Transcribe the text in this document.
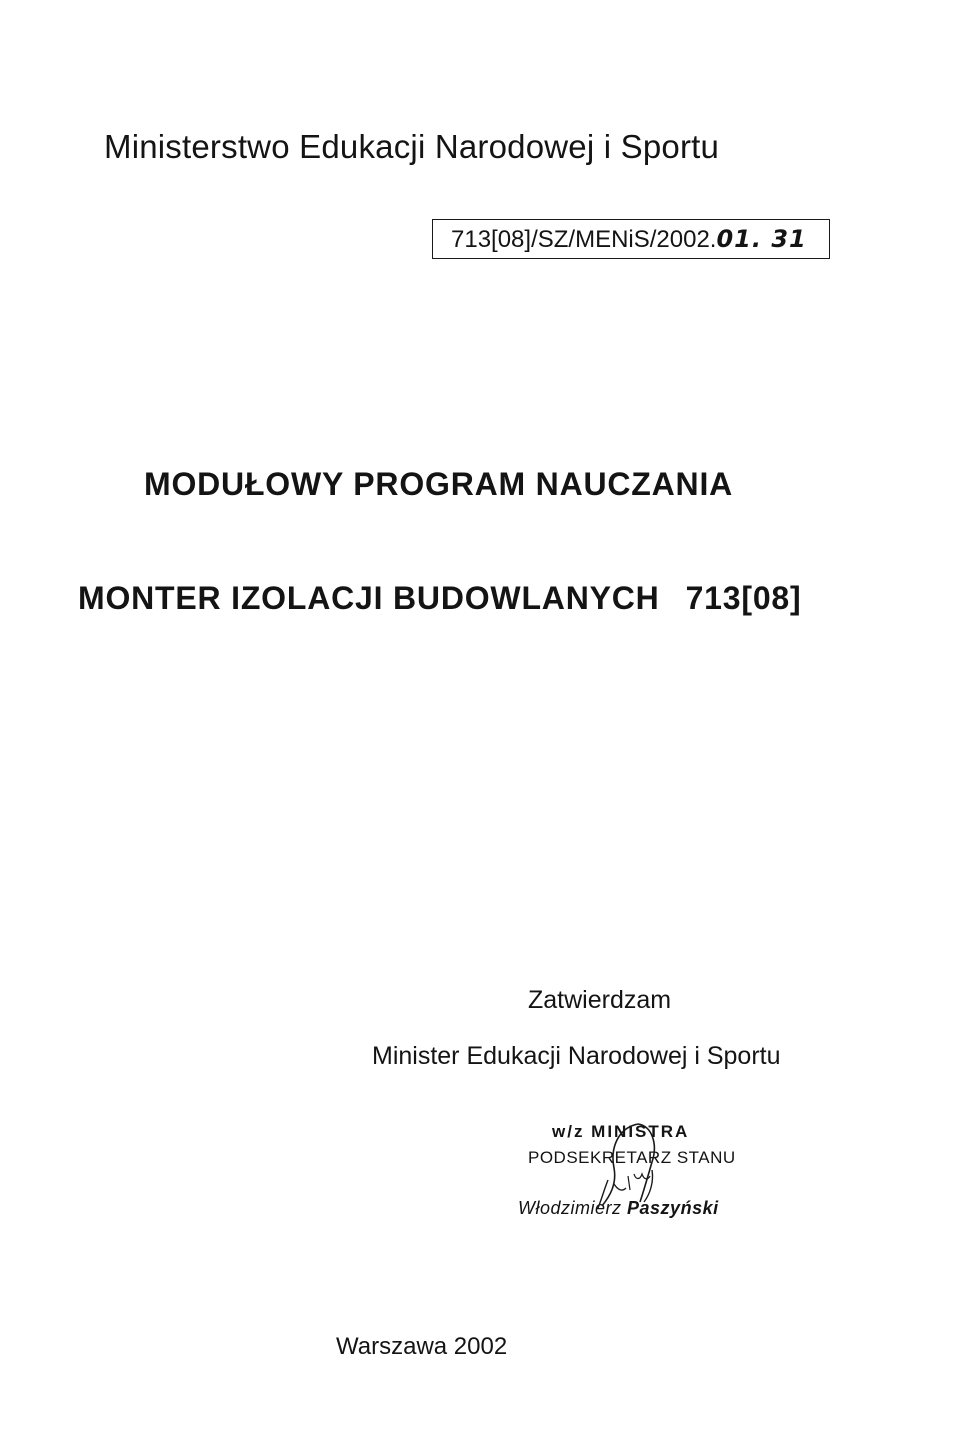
Ministerstwo Edukacji Narodowej i Sportu
713[08]/SZ/MENiS/2002.01. 31
MODUŁOWY PROGRAM NAUCZANIA
MONTER IZOLACJI BUDOWLANYCH 713[08]

Zatwierdzam

Minister Edukacji Narodowej i Sportu

w/z MINISTRA
PODSEKRETARZ STANU
Włodzimierz Paszyński

Warszawa 2002
